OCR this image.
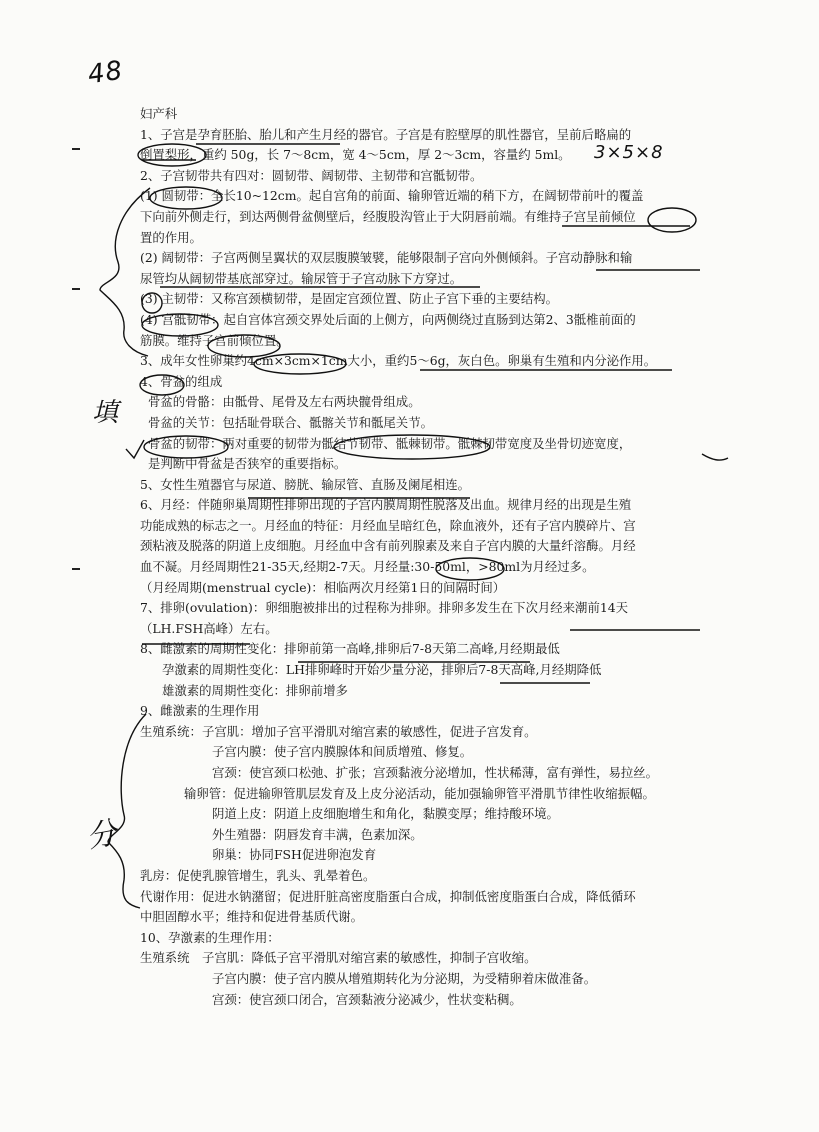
48
3×5×8
填
分
妇产科
1、子宫是孕育胚胎、胎儿和产生月经的器官。子宫是有腔壁厚的肌性器官，呈前后略扁的
倒置梨形，重约 50g，长 7～8cm，宽 4～5cm，厚 2～3cm，容量约 5ml。
2、子宫韧带共有四对：圆韧带、阔韧带、主韧带和宫骶韧带。
(1) 圆韧带：全长10~12cm。起自宫角的前面、输卵管近端的稍下方，在阔韧带前叶的覆盖
下向前外侧走行，到达两侧骨盆侧壁后，经腹股沟管止于大阴唇前端。有维持子宫呈前倾位
置的作用。
(2) 阔韧带：子宫两侧呈翼状的双层腹膜皱襞，能够限制子宫向外侧倾斜。子宫动静脉和输
尿管均从阔韧带基底部穿过。输尿管于子宫动脉下方穿过。
(3) 主韧带：又称宫颈横韧带，是固定宫颈位置、防止子宫下垂的主要结构。
(4) 宫骶韧带：起自宫体宫颈交界处后面的上侧方，向两侧绕过直肠到达第2、3骶椎前面的
筋膜。维持子宫前倾位置。
3、成年女性卵巢约4cm×3cm×1cm大小，重约5～6g，灰白色。卵巢有生殖和内分泌作用。
4、骨盆的组成
骨盆的骨骼：由骶骨、尾骨及左右两块髋骨组成。
骨盆的关节：包括耻骨联合、骶髂关节和骶尾关节。
骨盆的韧带：两对重要的韧带为骶结节韧带、骶棘韧带。骶棘韧带宽度及坐骨切迹宽度，
是判断中骨盆是否狭窄的重要指标。
5、女性生殖器官与尿道、膀胱、输尿管、直肠及阑尾相连。
6、月经：伴随卵巢周期性排卵出现的子宫内膜周期性脱落及出血。规律月经的出现是生殖
功能成熟的标志之一。月经血的特征：月经血呈暗红色，除血液外，还有子宫内膜碎片、宫
颈粘液及脱落的阴道上皮细胞。月经血中含有前列腺素及来自子宫内膜的大量纤溶酶。月经
血不凝。月经周期性21-35天,经期2-7天。月经量:30-50ml，>80ml为月经过多。
（月经周期(menstrual cycle)：相临两次月经第1日的间隔时间）
7、排卵(ovulation)：卵细胞被排出的过程称为排卵。排卵多发生在下次月经来潮前14天
（LH.FSH高峰）左右。
8、雌激素的周期性变化：排卵前第一高峰,排卵后7-8天第二高峰,月经期最低
孕激素的周期性变化：LH排卵峰时开始少量分泌，排卵后7-8天高峰,月经期降低
雄激素的周期性变化：排卵前增多
9、雌激素的生理作用
生殖系统：子宫肌：增加子宫平滑肌对缩宫素的敏感性，促进子宫发育。
子宫内膜：使子宫内膜腺体和间质增殖、修复。
宫颈：使宫颈口松弛、扩张；宫颈黏液分泌增加，性状稀薄，富有弹性，易拉丝。
输卵管：促进输卵管肌层发育及上皮分泌活动，能加强输卵管平滑肌节律性收缩振幅。
阴道上皮：阴道上皮细胞增生和角化，黏膜变厚；维持酸环境。
外生殖器：阴唇发育丰满，色素加深。
卵巢：协同FSH促进卵泡发育
乳房：促使乳腺管增生，乳头、乳晕着色。
代谢作用：促进水钠潴留；促进肝脏高密度脂蛋白合成，抑制低密度脂蛋白合成，降低循环
中胆固醇水平；维持和促进骨基质代谢。
10、孕激素的生理作用：
生殖系统　子宫肌：降低子宫平滑肌对缩宫素的敏感性，抑制子宫收缩。
子宫内膜：使子宫内膜从增殖期转化为分泌期，为受精卵着床做准备。
宫颈：使宫颈口闭合，宫颈黏液分泌减少，性状变粘稠。
